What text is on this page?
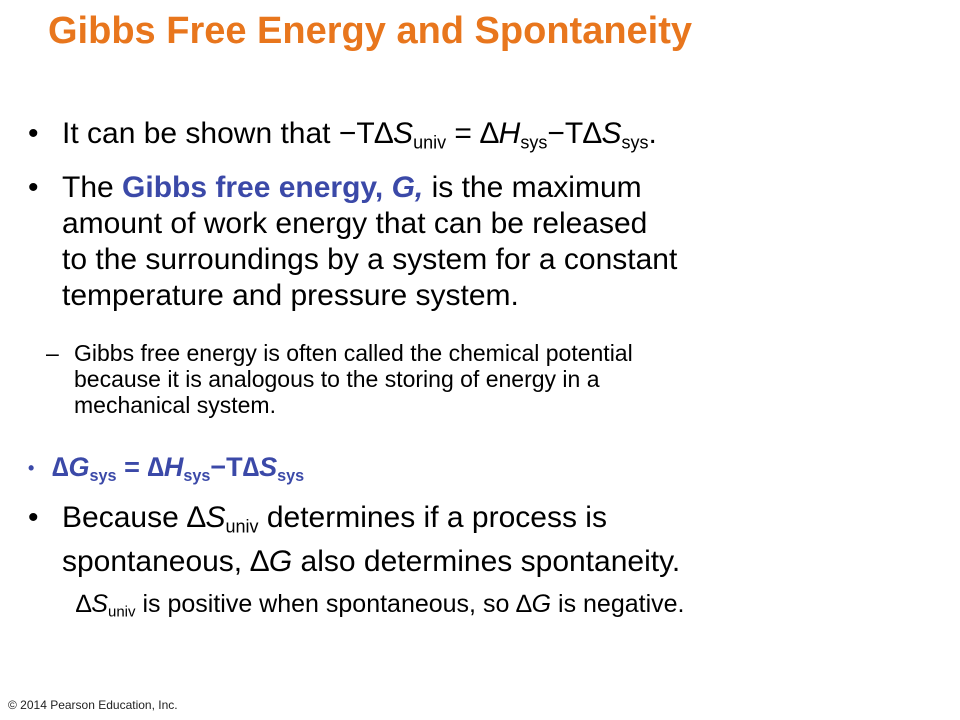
Gibbs Free Energy and Spontaneity
• It can be shown that $-T\Delta S_{univ} = \Delta H_{sys}-T\Delta S_{sys}$.
• The Gibbs free energy, G, is the maximum
amount of work energy that can be released
to the surroundings by a system for a constant
temperature and pressure system.
– Gibbs free energy is often called the chemical potential
because it is analogous to the storing of energy in a
mechanical system.
• $\Delta G_{sys} = \Delta H_{sys}-T\Delta S_{sys}$
• Because $\Delta S_{univ}$ determines if a process is
spontaneous, ∆G also determines spontaneity.
$\Delta S_{univ}$ is positive when spontaneous, so ∆G is negative.
© 2014 Pearson Education, Inc.
